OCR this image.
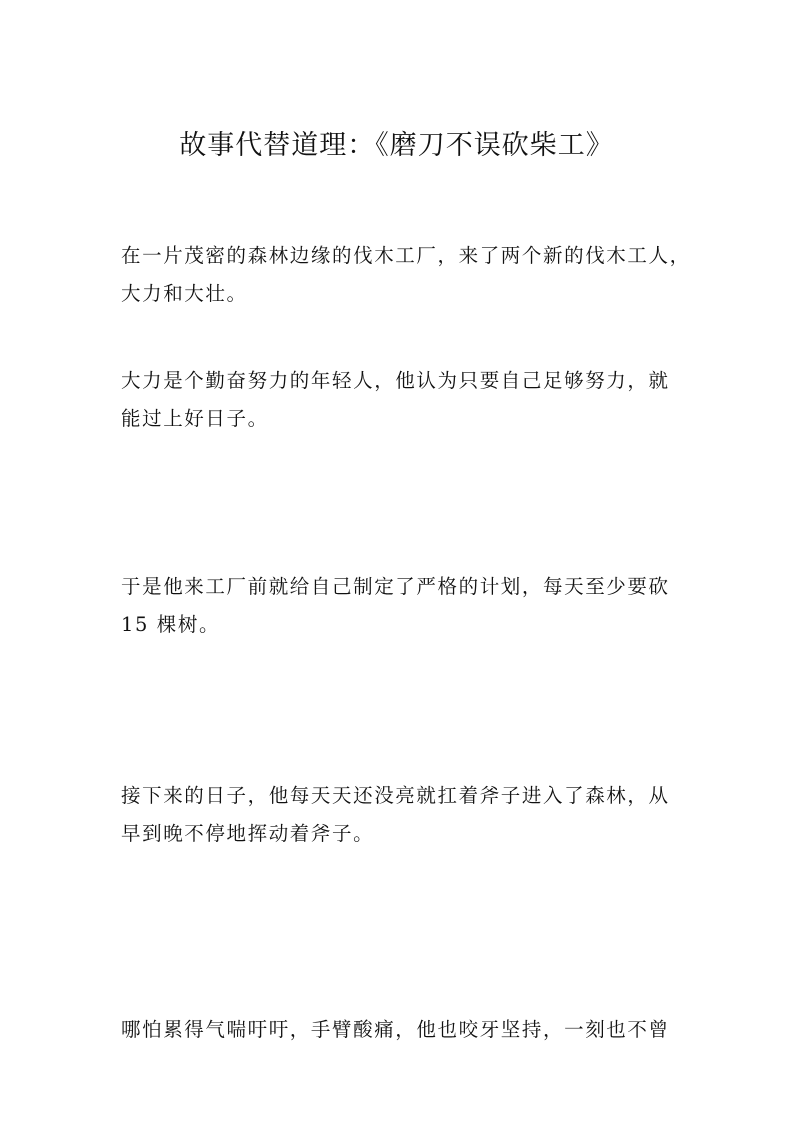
故事代替道理：《磨刀不误砍柴工》

在一片茂密的森林边缘的伐木工厂，来了两个新的伐木工人，
大力和大壮。

大力是个勤奋努力的年轻人，他认为只要自己足够努力，就
能过上好日子。

于是他来工厂前就给自己制定了严格的计划，每天至少要砍
15 棵树。

接下来的日子，他每天天还没亮就扛着斧子进入了森林，从
早到晚不停地挥动着斧子。

哪怕累得气喘吁吁，手臂酸痛，他也咬牙坚持，一刻也不曾
